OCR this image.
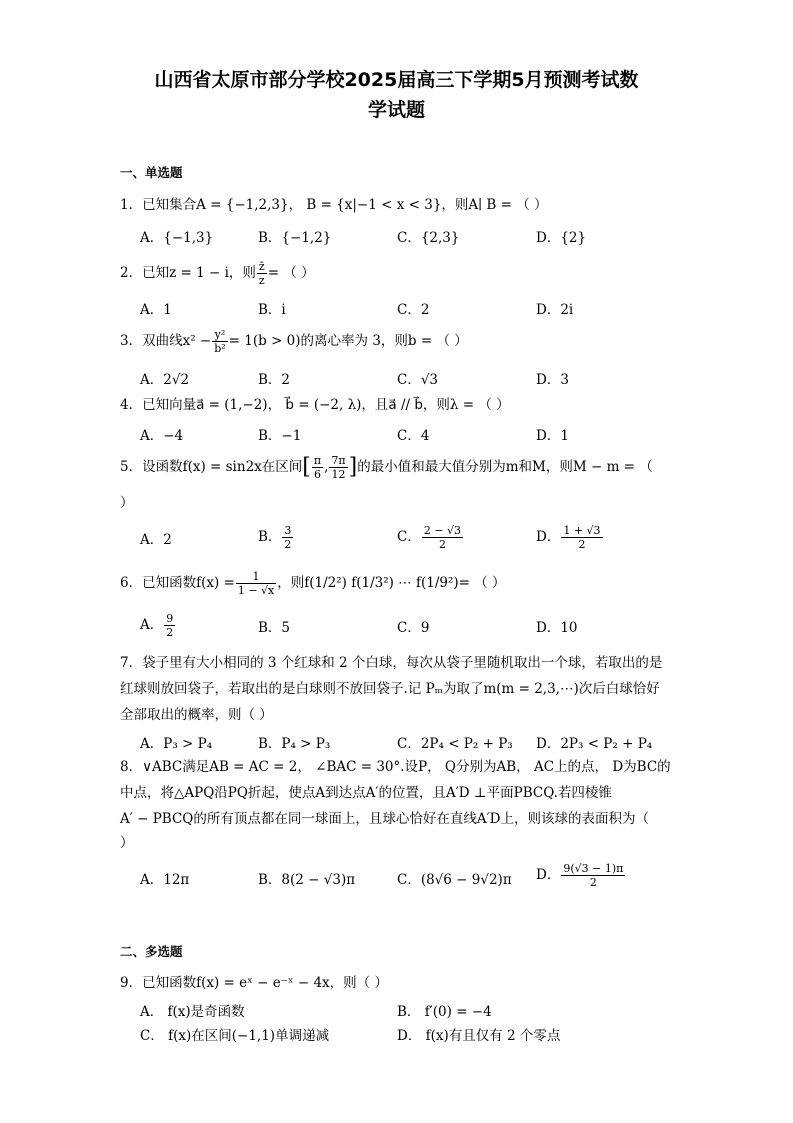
山西省太原市部分学校2025届高三下学期5月预测考试数
学试题
一、单选题
1．已知集合A = {−1,2,3}， B = {x|−1 < x < 3}，则A∣ B = （ ）
A．{−1,3}	B．{−1,2}	C．{2,3}	D．{2}
2．已知z = 1 − i，则 $\frac{z̄}{z}$ = （ ）
A．1	B．i	C．2	D．2i
3．双曲线$x^2 - \frac{\text{y²}}{\text{b²}} = 1(b > 0)$的离心率为 3，则b = （ ）
A．2√2	B．2	C．√3	D．3
4．已知向量a⃗ = (1,−2)， b⃗ = (−2, λ)，且a⃗ // b⃗，则λ = （ ）
A．−4	B．−1	C．4	D．1
5．设函数f(x) = sin2x在区间[ $\frac{\pi}{6}$ , $\frac{7\pi}{12}$ ]的最小值和最大值分别为m和M，则M − m = （
）
A．2	B． $\frac{3}{2}$	C． $\frac{2 - √3}{2}$	D． $\frac{1 + √3}{2}$
6．已知函数$f(x) = \frac{1}{1 - √x}$ ，则f(1/2²) f(1/3²) ⋯ f(1/9²)= （ ）
A． $\frac{9}{2}$	B．5	C．9	D．10
7．袋子里有大小相同的 3 个红球和 2 个白球，每次从袋子里随机取出一个球，若取出的是
红球则放回袋子，若取出的是白球则不放回袋子.记 Pₘ为取了m(m = 2,3,⋯)次后白球恰好
全部取出的概率，则（ ）
A．P₃ > P₄	B．P₄ > P₃	C．2P₄ < P₂ + P₃ D．2P₃ < P₂ + P₄
8．∨ABC满足AB = AC = 2， ∠BAC = 30°.设P， Q分别为AB， AC上的点， D为BC的
中点，将△APQ沿PQ折起，使点A到达点A′的位置，且A′D ⊥平面PBCQ.若四棱锥
A′ − PBCQ的所有顶点都在同一球面上，且球心恰好在直线A′D上，则该球的表面积为（
）
A．12π	B．8(2 − √3)π	C．(8√6 − 9√2)π D． $\frac{9(√3 - 1)\pi}{2}$
二、多选题
9．已知函数f(x) = eˣ − e⁻ˣ − 4x，则（ ）
A． f(x)是奇函数	B． f′(0) = −4
C． f(x)在区间(−1,1)单调递减	D． f(x)有且仅有 2 个零点
